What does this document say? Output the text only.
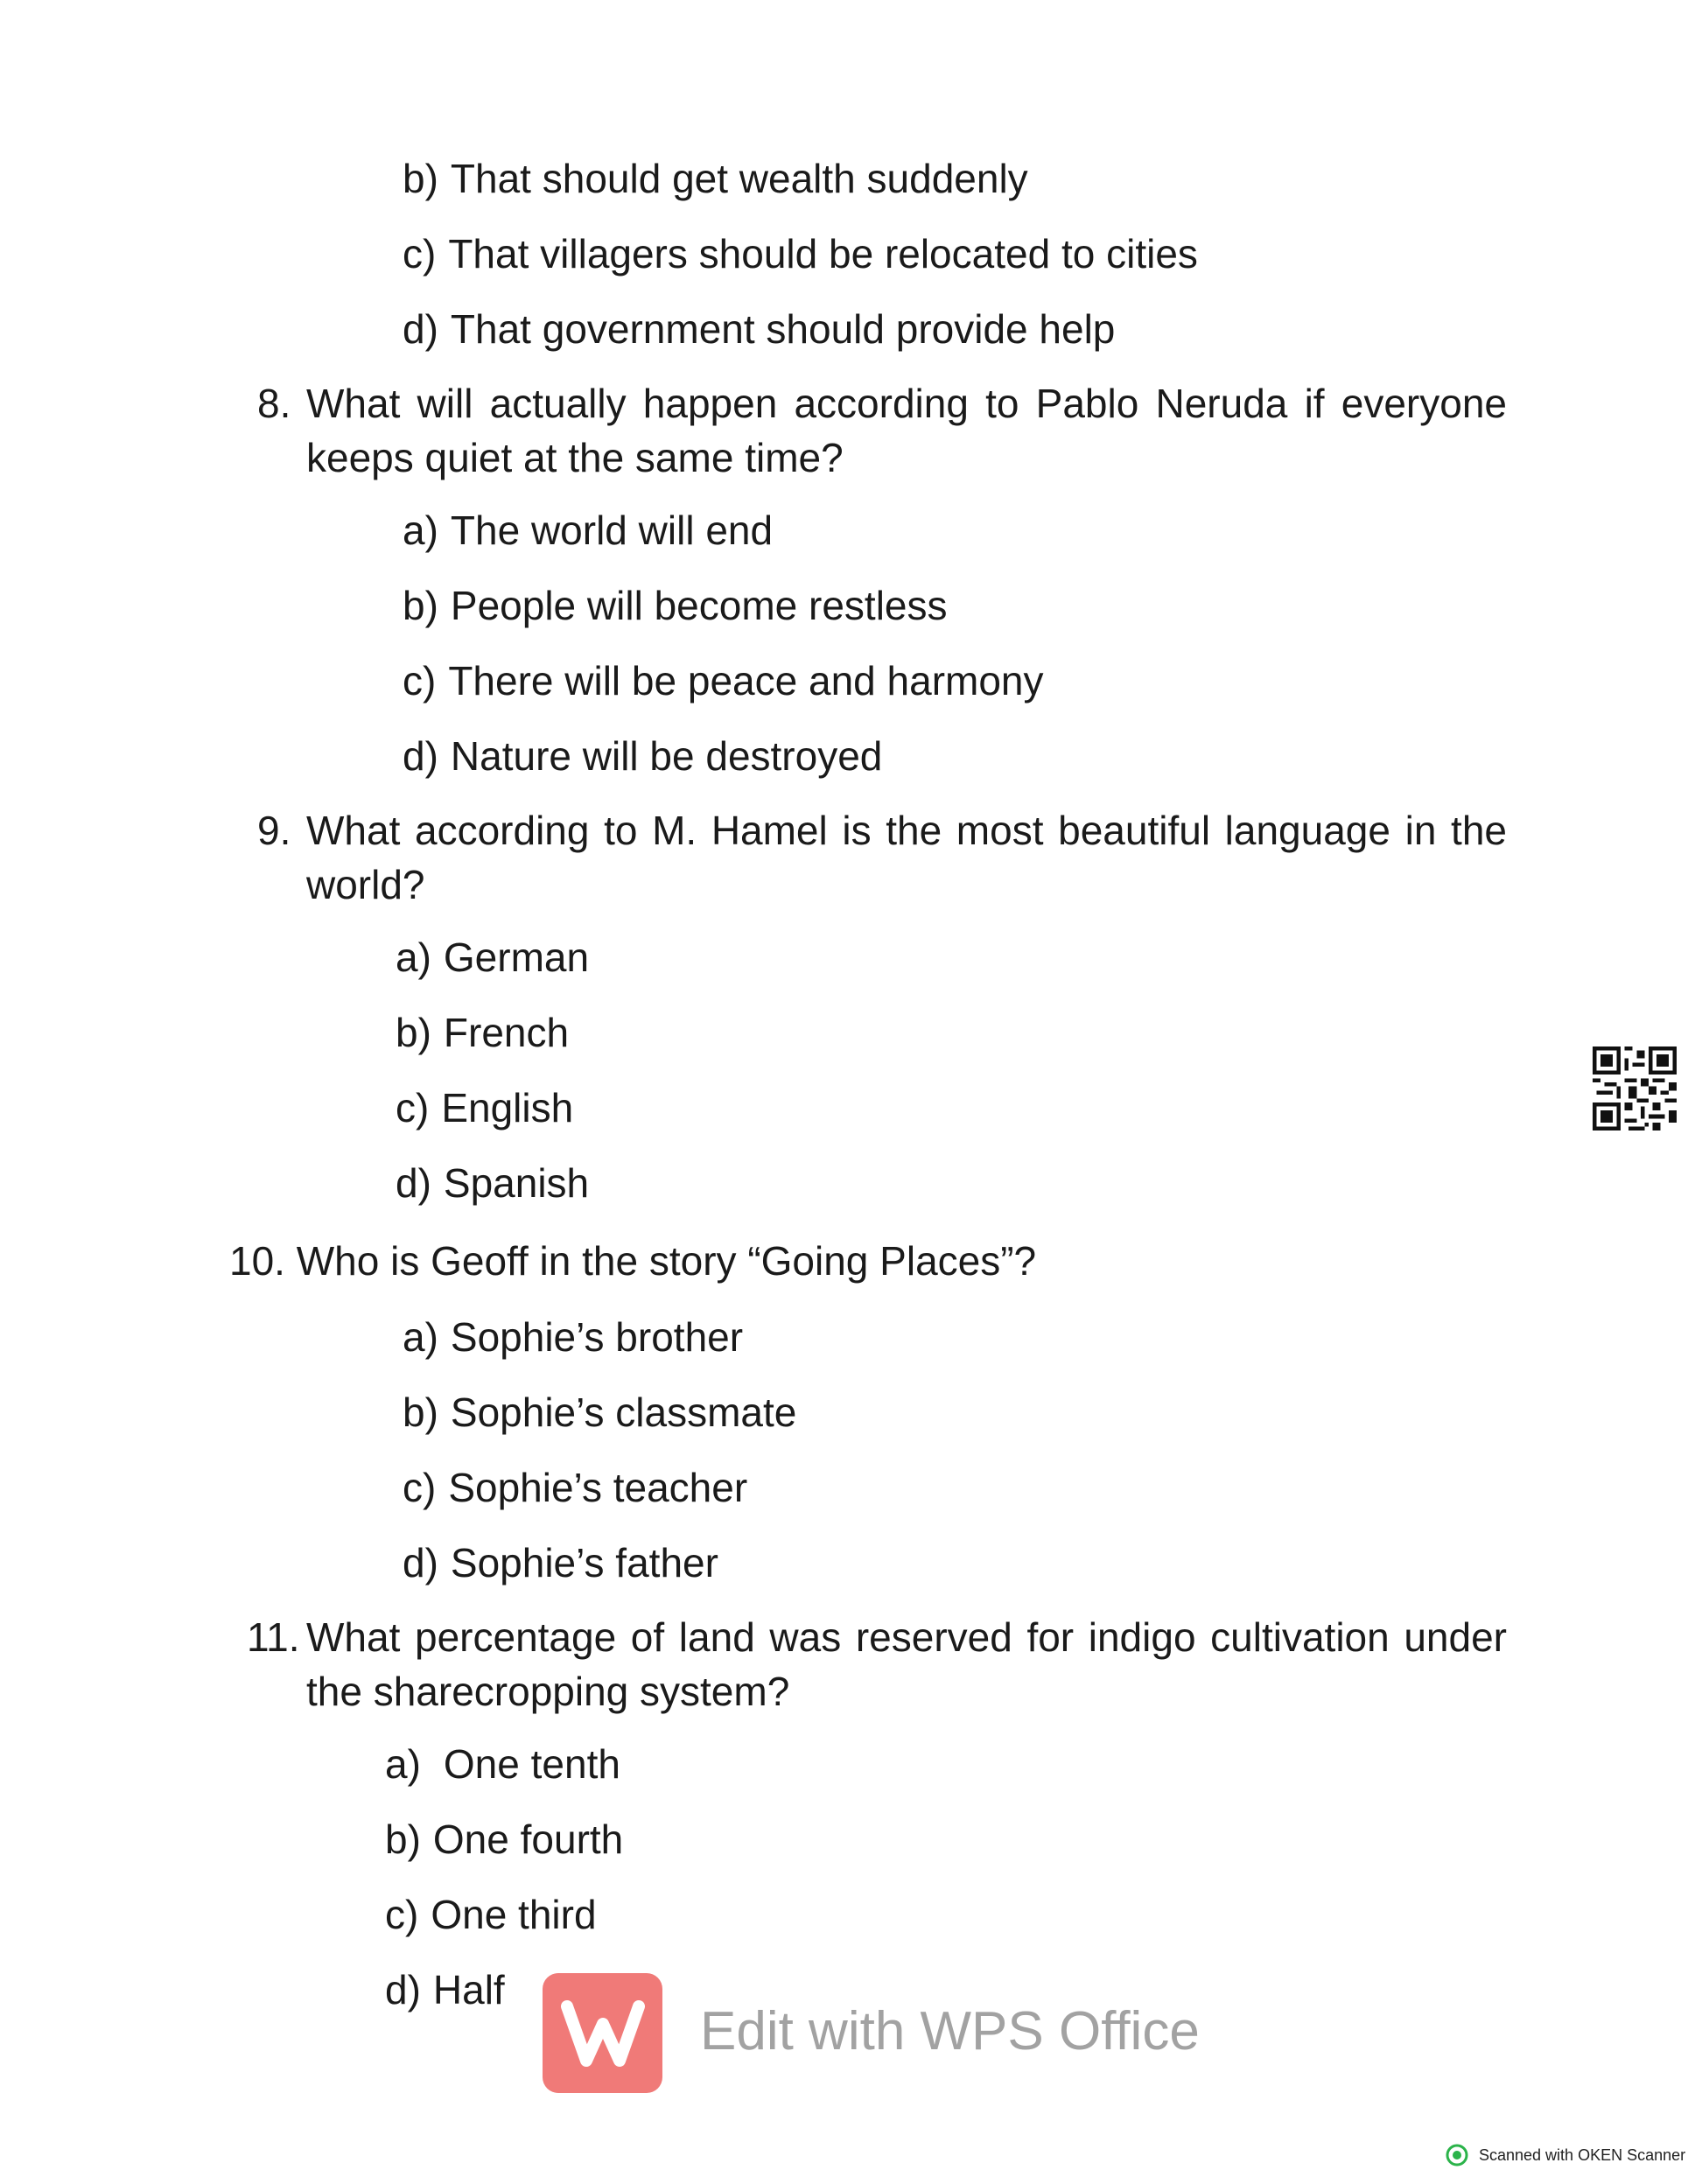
b) That should get wealth suddenly
c) That villagers should be relocated to cities
d) That government should provide help
8. What will actually happen according to Pablo Neruda if everyone keeps quiet at the same time?
a) The world will end
b) People will become restless
c) There will be peace and harmony
d) Nature will be destroyed
9. What according to M. Hamel is the most beautiful language in the world?
a) German
b) French
c) English
d) Spanish
10. Who is Geoff in the story “Going Places”?
a) Sophie’s brother
b) Sophie’s classmate
c) Sophie’s teacher
d) Sophie’s father
11. What percentage of land was reserved for indigo cultivation under the sharecropping system?
a) One tenth
b) One fourth
c) One third
d) Half
Edit with WPS Office
Scanned with OKEN Scanner
